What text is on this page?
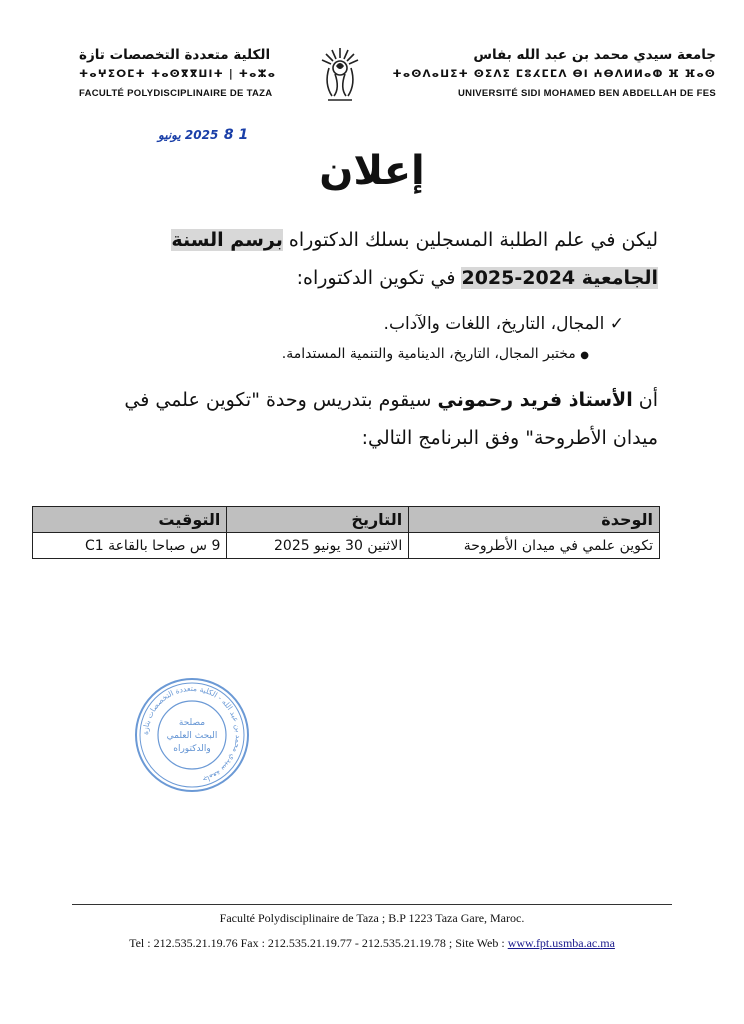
جامعة سيدي محمد بن عبد الله بفاس
ⵜⴰⵙⴷⴰⵡⵉⵜ ⵙⵉⴷⵉ ⵎⵓⵃⵎⵎⴷ ⴱⵏ ⵄⴱⴷⵍⵍⴰⵀ ⴼ ⴼⴰⵙ
UNIVERSITÉ SIDI MOHAMED BEN ABDELLAH DE FES
الكلية متعددة التخصصات تازة
ⵜⴰⵖⵉⵔⵎⵜ ⵜⴰⵙⴳⴳⵡⵏⵜ | ⵜⴰⵣⴰ
FACULTÉ POLYDISCIPLINAIRE DE TAZA
1 8 2025 يونيو
إعلان
ليكن في علم الطلبة المسجلين بسلك الدكتوراه برسم السنة
الجامعية 2024-2025 في تكوين الدكتوراه:
✓ المجال، التاريخ، اللغات والآداب.
● مختبر المجال، التاريخ، الدينامية والتنمية المستدامة.
أن الأستاذ فريد رحموني سيقوم بتدريس وحدة "تكوين علمي في
ميدان الأطروحة" وفق البرنامج التالي:
الوحدة	التاريخ	التوقيت
تكوين علمي في ميدان الأطروحة	الاثنين 30 يونيو 2025	9 س صباحا بالقاعة C1
جامعة سيدي محمد بن عبد الله - الكلية متعددة التخصصات بتازة
مصلحة
البحث العلمي
والدكتوراه
Faculté Polydisciplinaire de Taza ; B.P 1223 Taza Gare, Maroc.
Tel : 212.535.21.19.76 Fax : 212.535.21.19.77 - 212.535.21.19.78 ; Site Web : www.fpt.usmba.ac.ma
